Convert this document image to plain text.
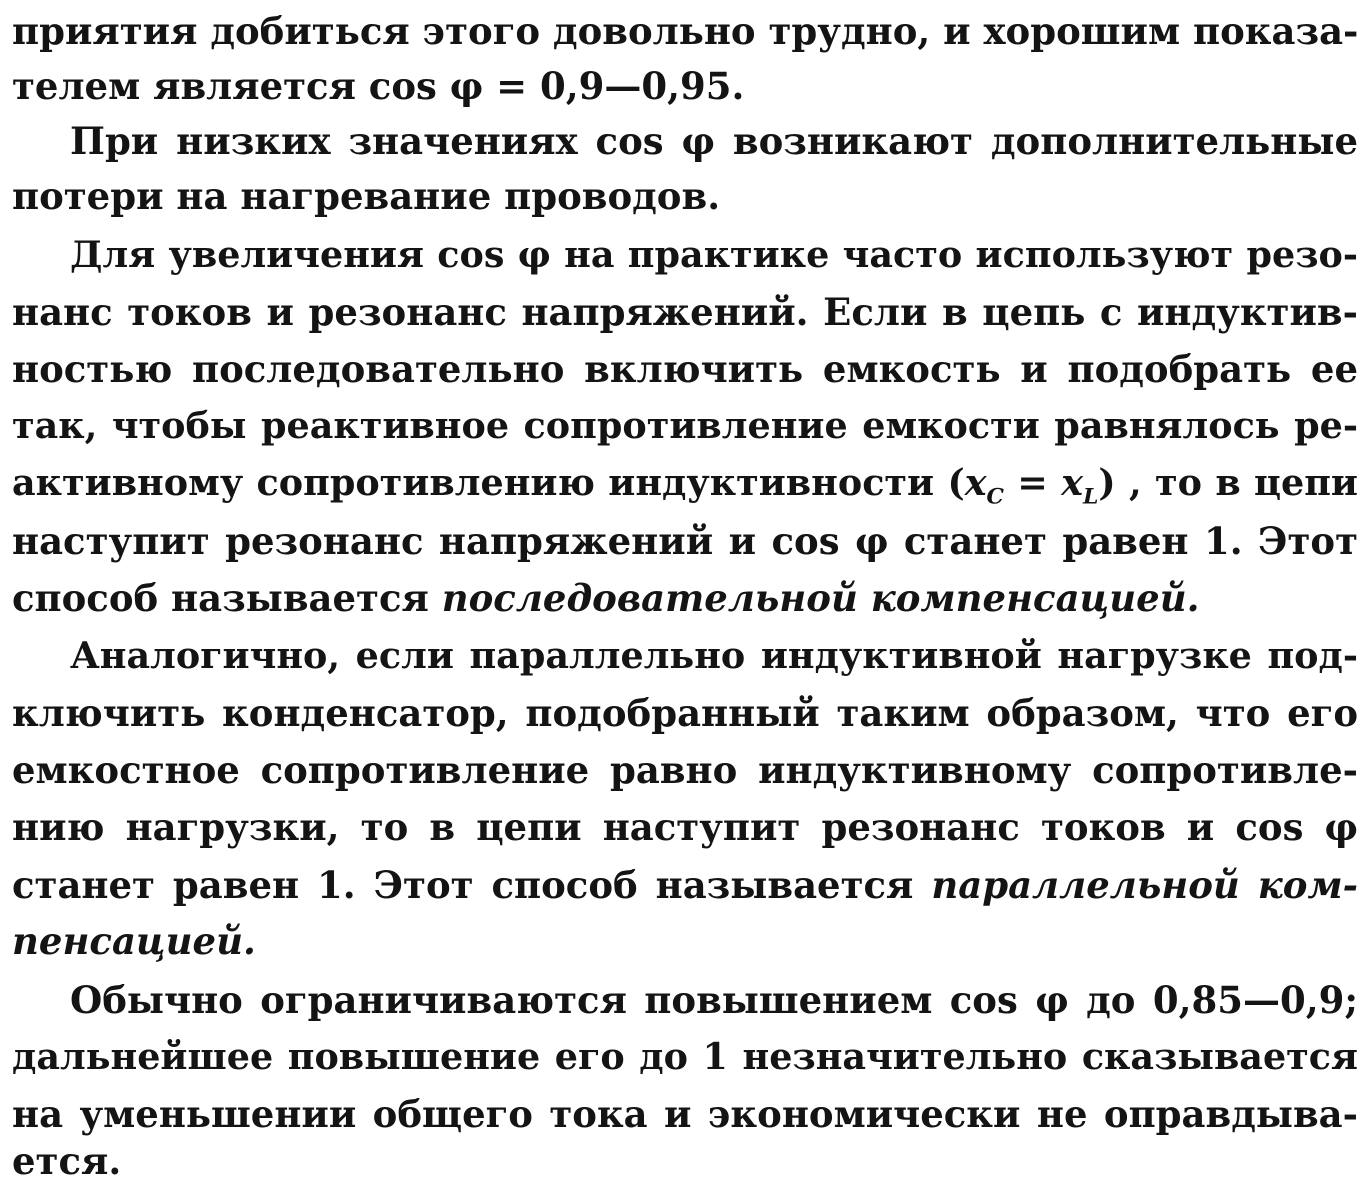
приятия добиться этого довольно трудно, и хорошим показа-
телем является cos φ = 0,9—0,95.
При низких значениях cos φ возникают дополнительные
потери на нагревание проводов.
Для увеличения cos φ на практике часто используют резо-
нанс токов и резонанс напряжений. Если в цепь с индуктив-
ностью последовательно включить емкость и подобрать ее
так, чтобы реактивное сопротивление емкости равнялось ре-
активному сопротивлению индуктивности $(x_C = x_L)$ , то в цепи
наступит резонанс напряжений и cos φ станет равен 1. Этот
способ называется последовательной компенсацией.
Аналогично, если параллельно индуктивной нагрузке под-
ключить конденсатор, подобранный таким образом, что его
емкостное сопротивление равно индуктивному сопротивле-
нию нагрузки, то в цепи наступит резонанс токов и cos φ
станет равен 1. Этот способ называется параллельной ком-
пенсацией.
Обычно ограничиваются повышением cos φ до 0,85—0,9;
дальнейшее повышение его до 1 незначительно сказывается
на уменьшении общего тока и экономически не оправдыва-
ется.
